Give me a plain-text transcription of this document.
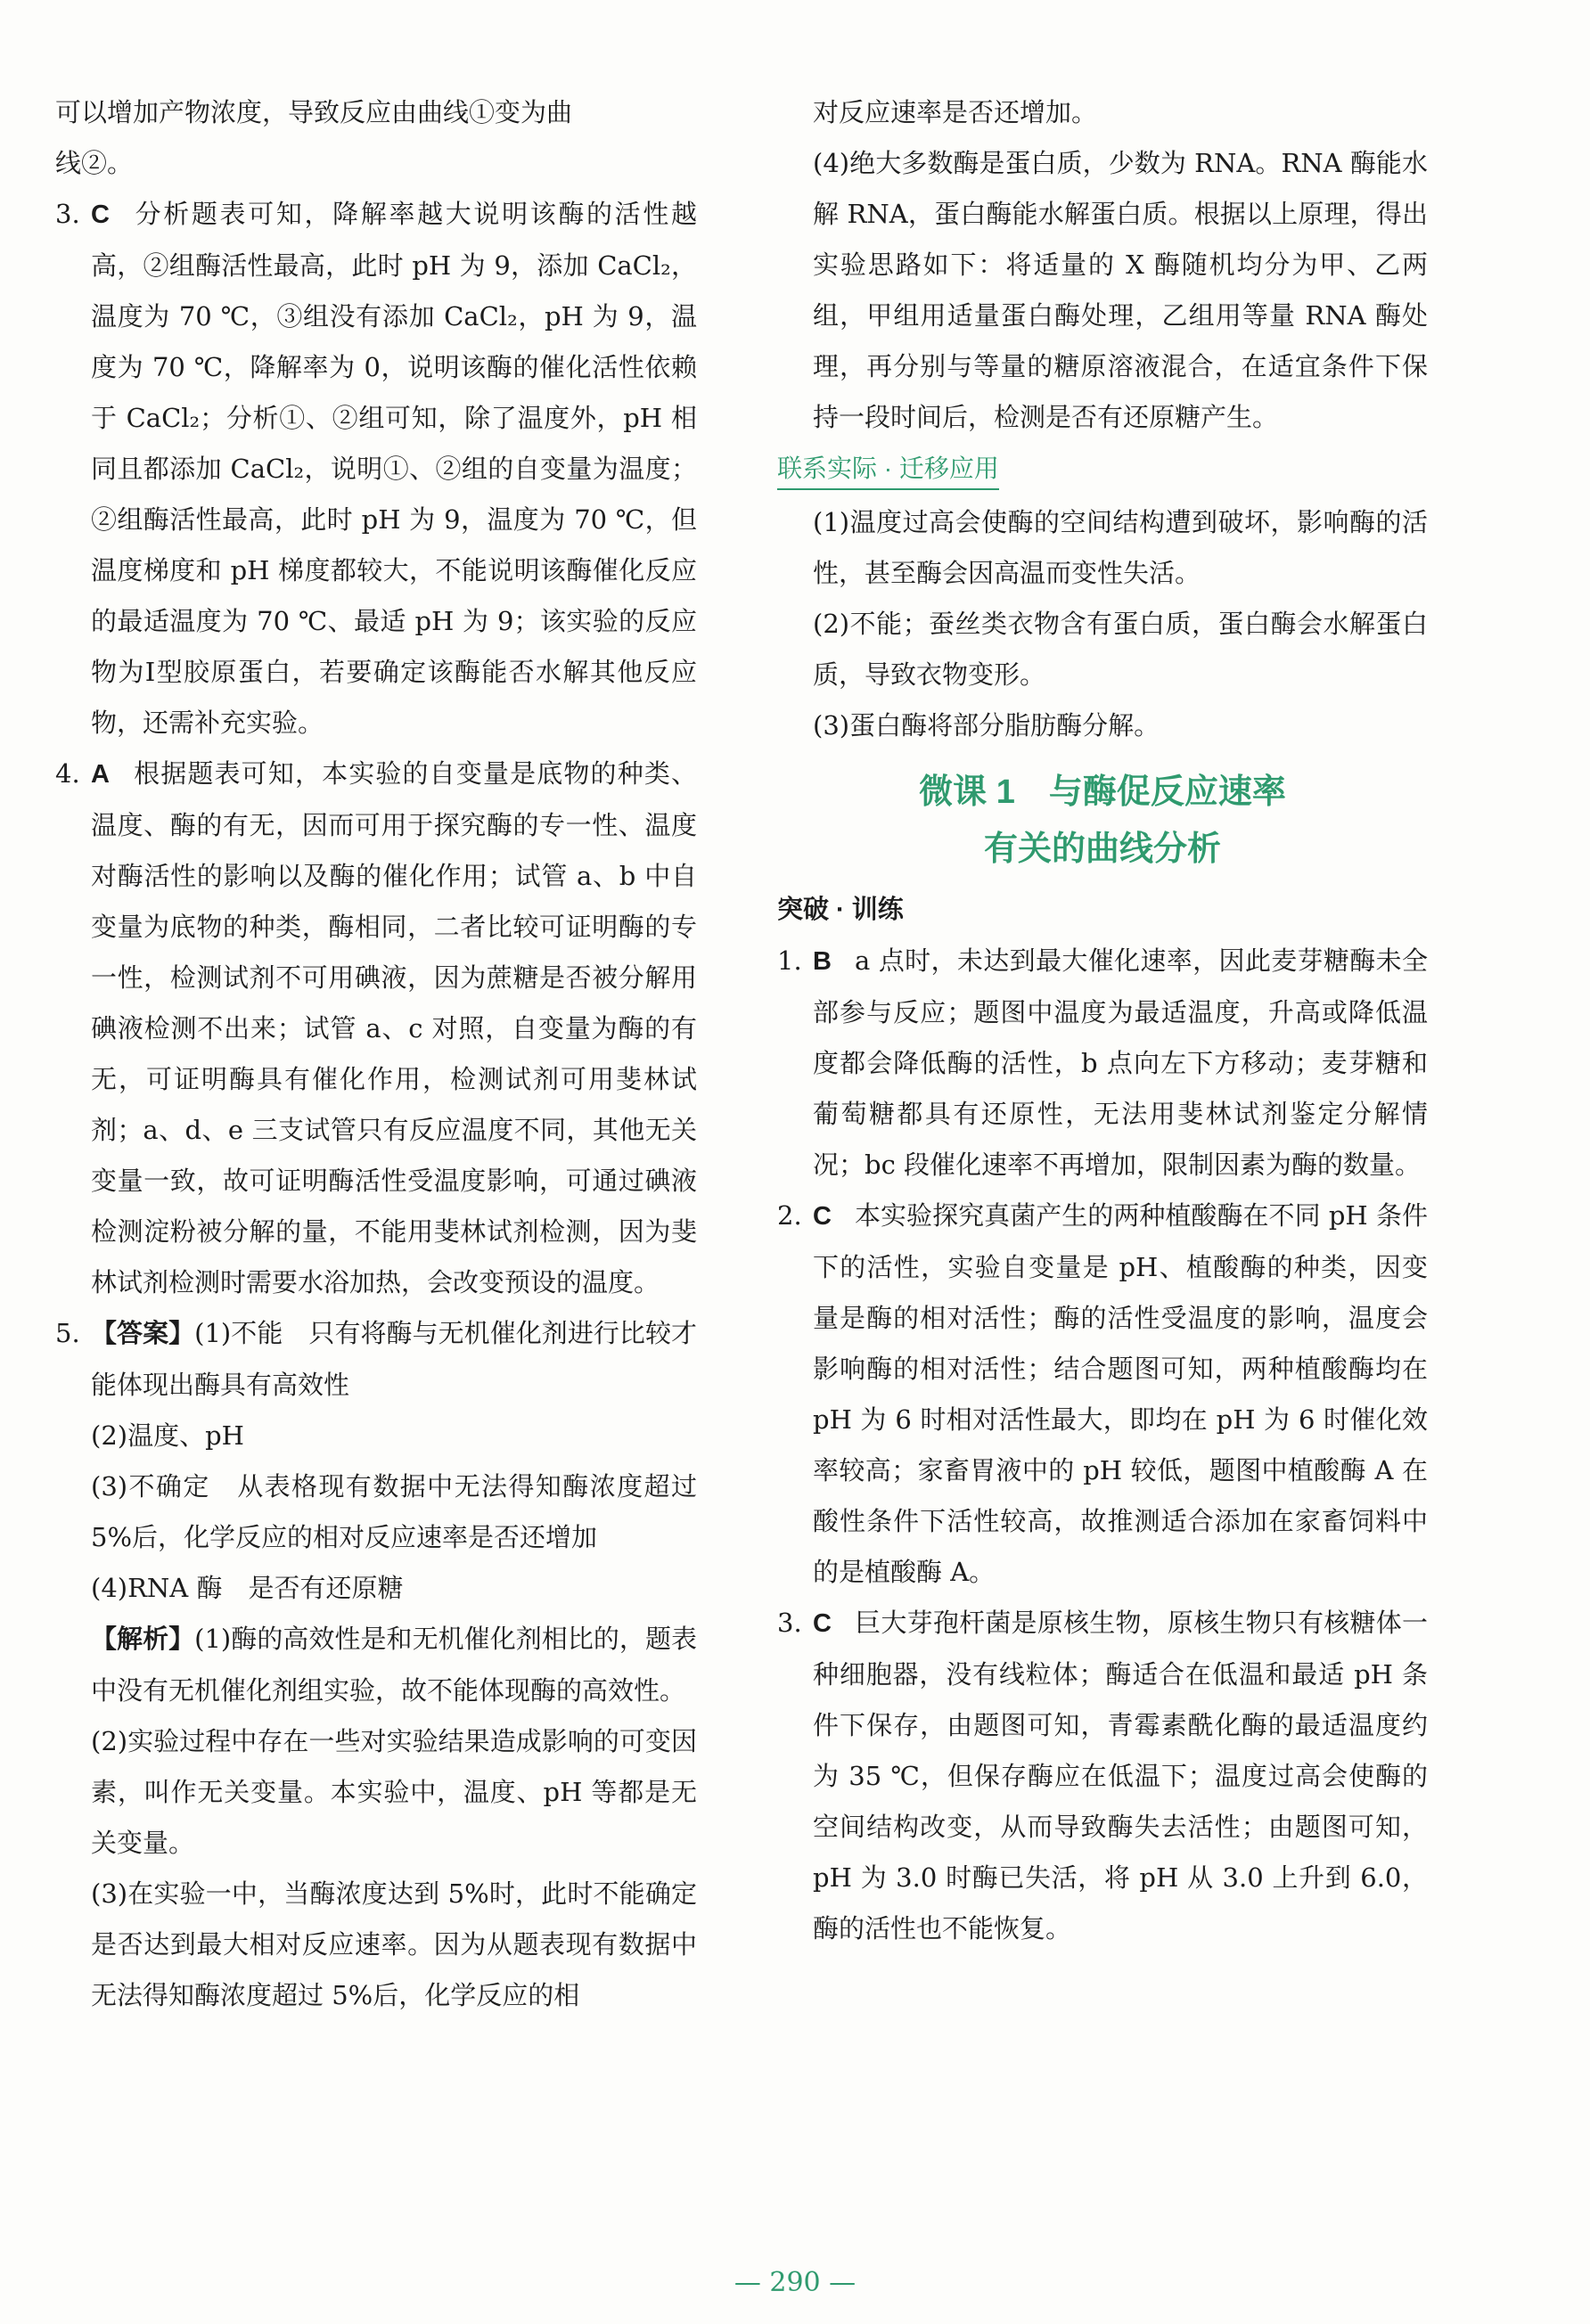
可以增加产物浓度，导致反应由曲线①变为曲

线②。

3. C 分析题表可知，降解率越大说明该酶的活性越高，②组酶活性最高，此时 pH 为 9，添加 CaCl₂，温度为 70 ℃，③组没有添加 CaCl₂，pH 为 9，温度为 70 ℃，降解率为 0，说明该酶的催化活性依赖于 CaCl₂；分析①、②组可知，除了温度外，pH 相同且都添加 CaCl₂，说明①、②组的自变量为温度；②组酶活性最高，此时 pH 为 9，温度为 70 ℃，但温度梯度和 pH 梯度都较大，不能说明该酶催化反应的最适温度为 70 ℃、最适 pH 为 9；该实验的反应物为Ⅰ型胶原蛋白，若要确定该酶能否水解其他反应物，还需补充实验。
4. A 根据题表可知，本实验的自变量是底物的种类、温度、酶的有无，因而可用于探究酶的专一性、温度对酶活性的影响以及酶的催化作用；试管 a、b 中自变量为底物的种类，酶相同，二者比较可证明酶的专一性，检测试剂不可用碘液，因为蔗糖是否被分解用碘液检测不出来；试管 a、c 对照，自变量为酶的有无，可证明酶具有催化作用，检测试剂可用斐林试剂；a、d、e 三支试管只有反应温度不同，其他无关变量一致，故可证明酶活性受温度影响，可通过碘液检测淀粉被分解的量，不能用斐林试剂检测，因为斐林试剂检测时需要水浴加热，会改变预设的温度。
5. 【答案】(1)不能　只有将酶与无机催化剂进行比较才能体现出酶具有高效性

(2)温度、pH

(3)不确定　从表格现有数据中无法得知酶浓度超过 5%后，化学反应的相对反应速率是否还增加

(4)RNA 酶　是否有还原糖

【解析】(1)酶的高效性是和无机催化剂相比的，题表中没有无机催化剂组实验，故不能体现酶的高效性。

(2)实验过程中存在一些对实验结果造成影响的可变因素，叫作无关变量。本实验中，温度、pH 等都是无关变量。

(3)在实验一中，当酶浓度达到 5%时，此时不能确定是否达到最大相对反应速率。因为从题表现有数据中无法得知酶浓度超过 5%后，化学反应的相

对反应速率是否还增加。

(4)绝大多数酶是蛋白质，少数为 RNA。RNA 酶能水解 RNA，蛋白酶能水解蛋白质。根据以上原理，得出实验思路如下：将适量的 X 酶随机均分为甲、乙两组，甲组用适量蛋白酶处理，乙组用等量 RNA 酶处理，再分别与等量的糖原溶液混合，在适宜条件下保持一段时间后，检测是否有还原糖产生。

联系实际 · 迁移应用

(1)温度过高会使酶的空间结构遭到破坏，影响酶的活性，甚至酶会因高温而变性失活。

(2)不能；蚕丝类衣物含有蛋白质，蛋白酶会水解蛋白质，导致衣物变形。

(3)蛋白酶将部分脂肪酶分解。

微课 1　与酶促反应速率
有关的曲线分析
突破 · 训练
1. B a 点时，未达到最大催化速率，因此麦芽糖酶未全部参与反应；题图中温度为最适温度，升高或降低温度都会降低酶的活性，b 点向左下方移动；麦芽糖和葡萄糖都具有还原性，无法用斐林试剂鉴定分解情况；bc 段催化速率不再增加，限制因素为酶的数量。
2. C 本实验探究真菌产生的两种植酸酶在不同 pH 条件下的活性，实验自变量是 pH、植酸酶的种类，因变量是酶的相对活性；酶的活性受温度的影响，温度会影响酶的相对活性；结合题图可知，两种植酸酶均在 pH 为 6 时相对活性最大，即均在 pH 为 6 时催化效率较高；家畜胃液中的 pH 较低，题图中植酸酶 A 在酸性条件下活性较高，故推测适合添加在家畜饲料中的是植酸酶 A。
3. C 巨大芽孢杆菌是原核生物，原核生物只有核糖体一种细胞器，没有线粒体；酶适合在低温和最适 pH 条件下保存，由题图可知，青霉素酰化酶的最适温度约为 35 ℃，但保存酶应在低温下；温度过高会使酶的空间结构改变，从而导致酶失去活性；由题图可知，pH 为 3.0 时酶已失活，将 pH 从 3.0 上升到 6.0，酶的活性也不能恢复。
— 290 —
